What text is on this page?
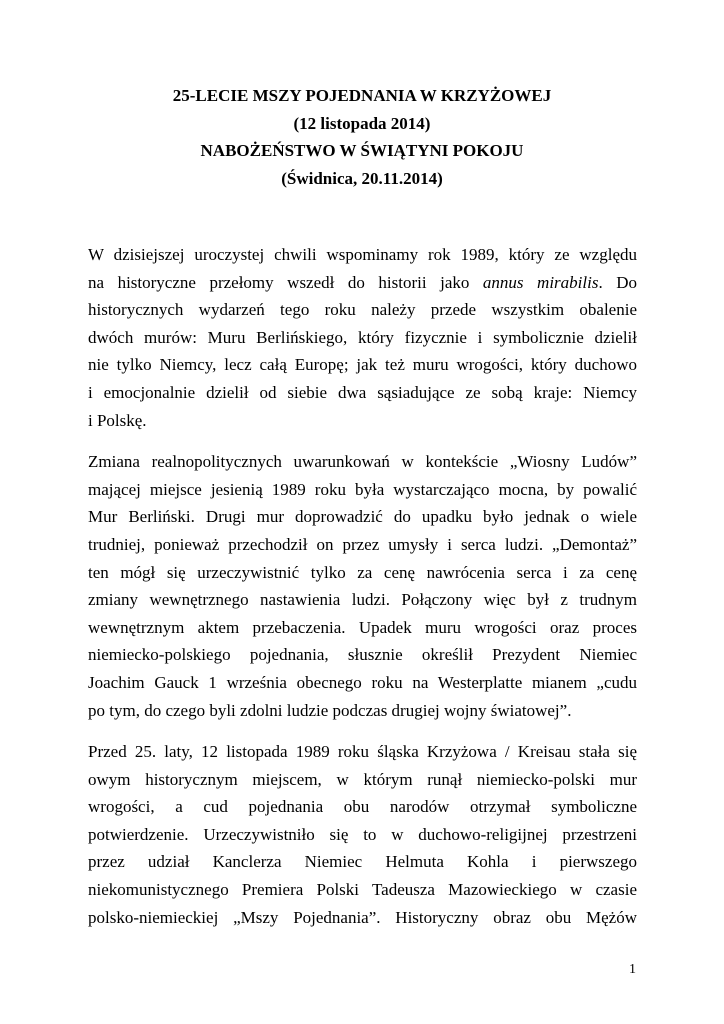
25-LECIE MSZY POJEDNANIA W KRZYŻOWEJ
(12 listopada 2014)
NABOŻEŃSTWO W ŚWIĄTYNI POKOJU
(Świdnica, 20.11.2014)
W dzisiejszej uroczystej chwili wspominamy rok 1989, który ze względu
na historyczne przełomy wszedł do historii jako annus mirabilis. Do
historycznych wydarzeń tego roku należy przede wszystkim obalenie
dwóch murów: Muru Berlińskiego, który fizycznie i symbolicznie dzielił
nie tylko Niemcy, lecz całą Europę; jak też muru wrogości, który duchowo
i emocjonalnie dzielił od siebie dwa sąsiadujące ze sobą kraje: Niemcy
i Polskę.
Zmiana realnopolitycznych uwarunkowań w kontekście „Wiosny Ludów”
mającej miejsce jesienią 1989 roku była wystarczająco mocna, by powalić
Mur Berliński. Drugi mur doprowadzić do upadku było jednak o wiele
trudniej, ponieważ przechodził on przez umysły i serca ludzi. „Demontaż”
ten mógł się urzeczywistnić tylko za cenę nawrócenia serca i za cenę
zmiany wewnętrznego nastawienia ludzi. Połączony więc był z trudnym
wewnętrznym aktem przebaczenia. Upadek muru wrogości oraz proces
niemiecko-polskiego pojednania, słusznie określił Prezydent Niemiec
Joachim Gauck 1 września obecnego roku na Westerplatte mianem „cudu
po tym, do czego byli zdolni ludzie podczas drugiej wojny światowej”.
Przed 25. laty, 12 listopada 1989 roku śląska Krzyżowa / Kreisau stała się
owym historycznym miejscem, w którym runął niemiecko-polski mur
wrogości, a cud pojednania obu narodów otrzymał symboliczne
potwierdzenie. Urzeczywistniło się to w duchowo-religijnej przestrzeni
przez udział Kanclerza Niemiec Helmuta Kohla i pierwszego
niekomunistycznego Premiera Polski Tadeusza Mazowieckiego w czasie
polsko-niemieckiej „Mszy Pojednania”. Historyczny obraz obu Mężów
1
